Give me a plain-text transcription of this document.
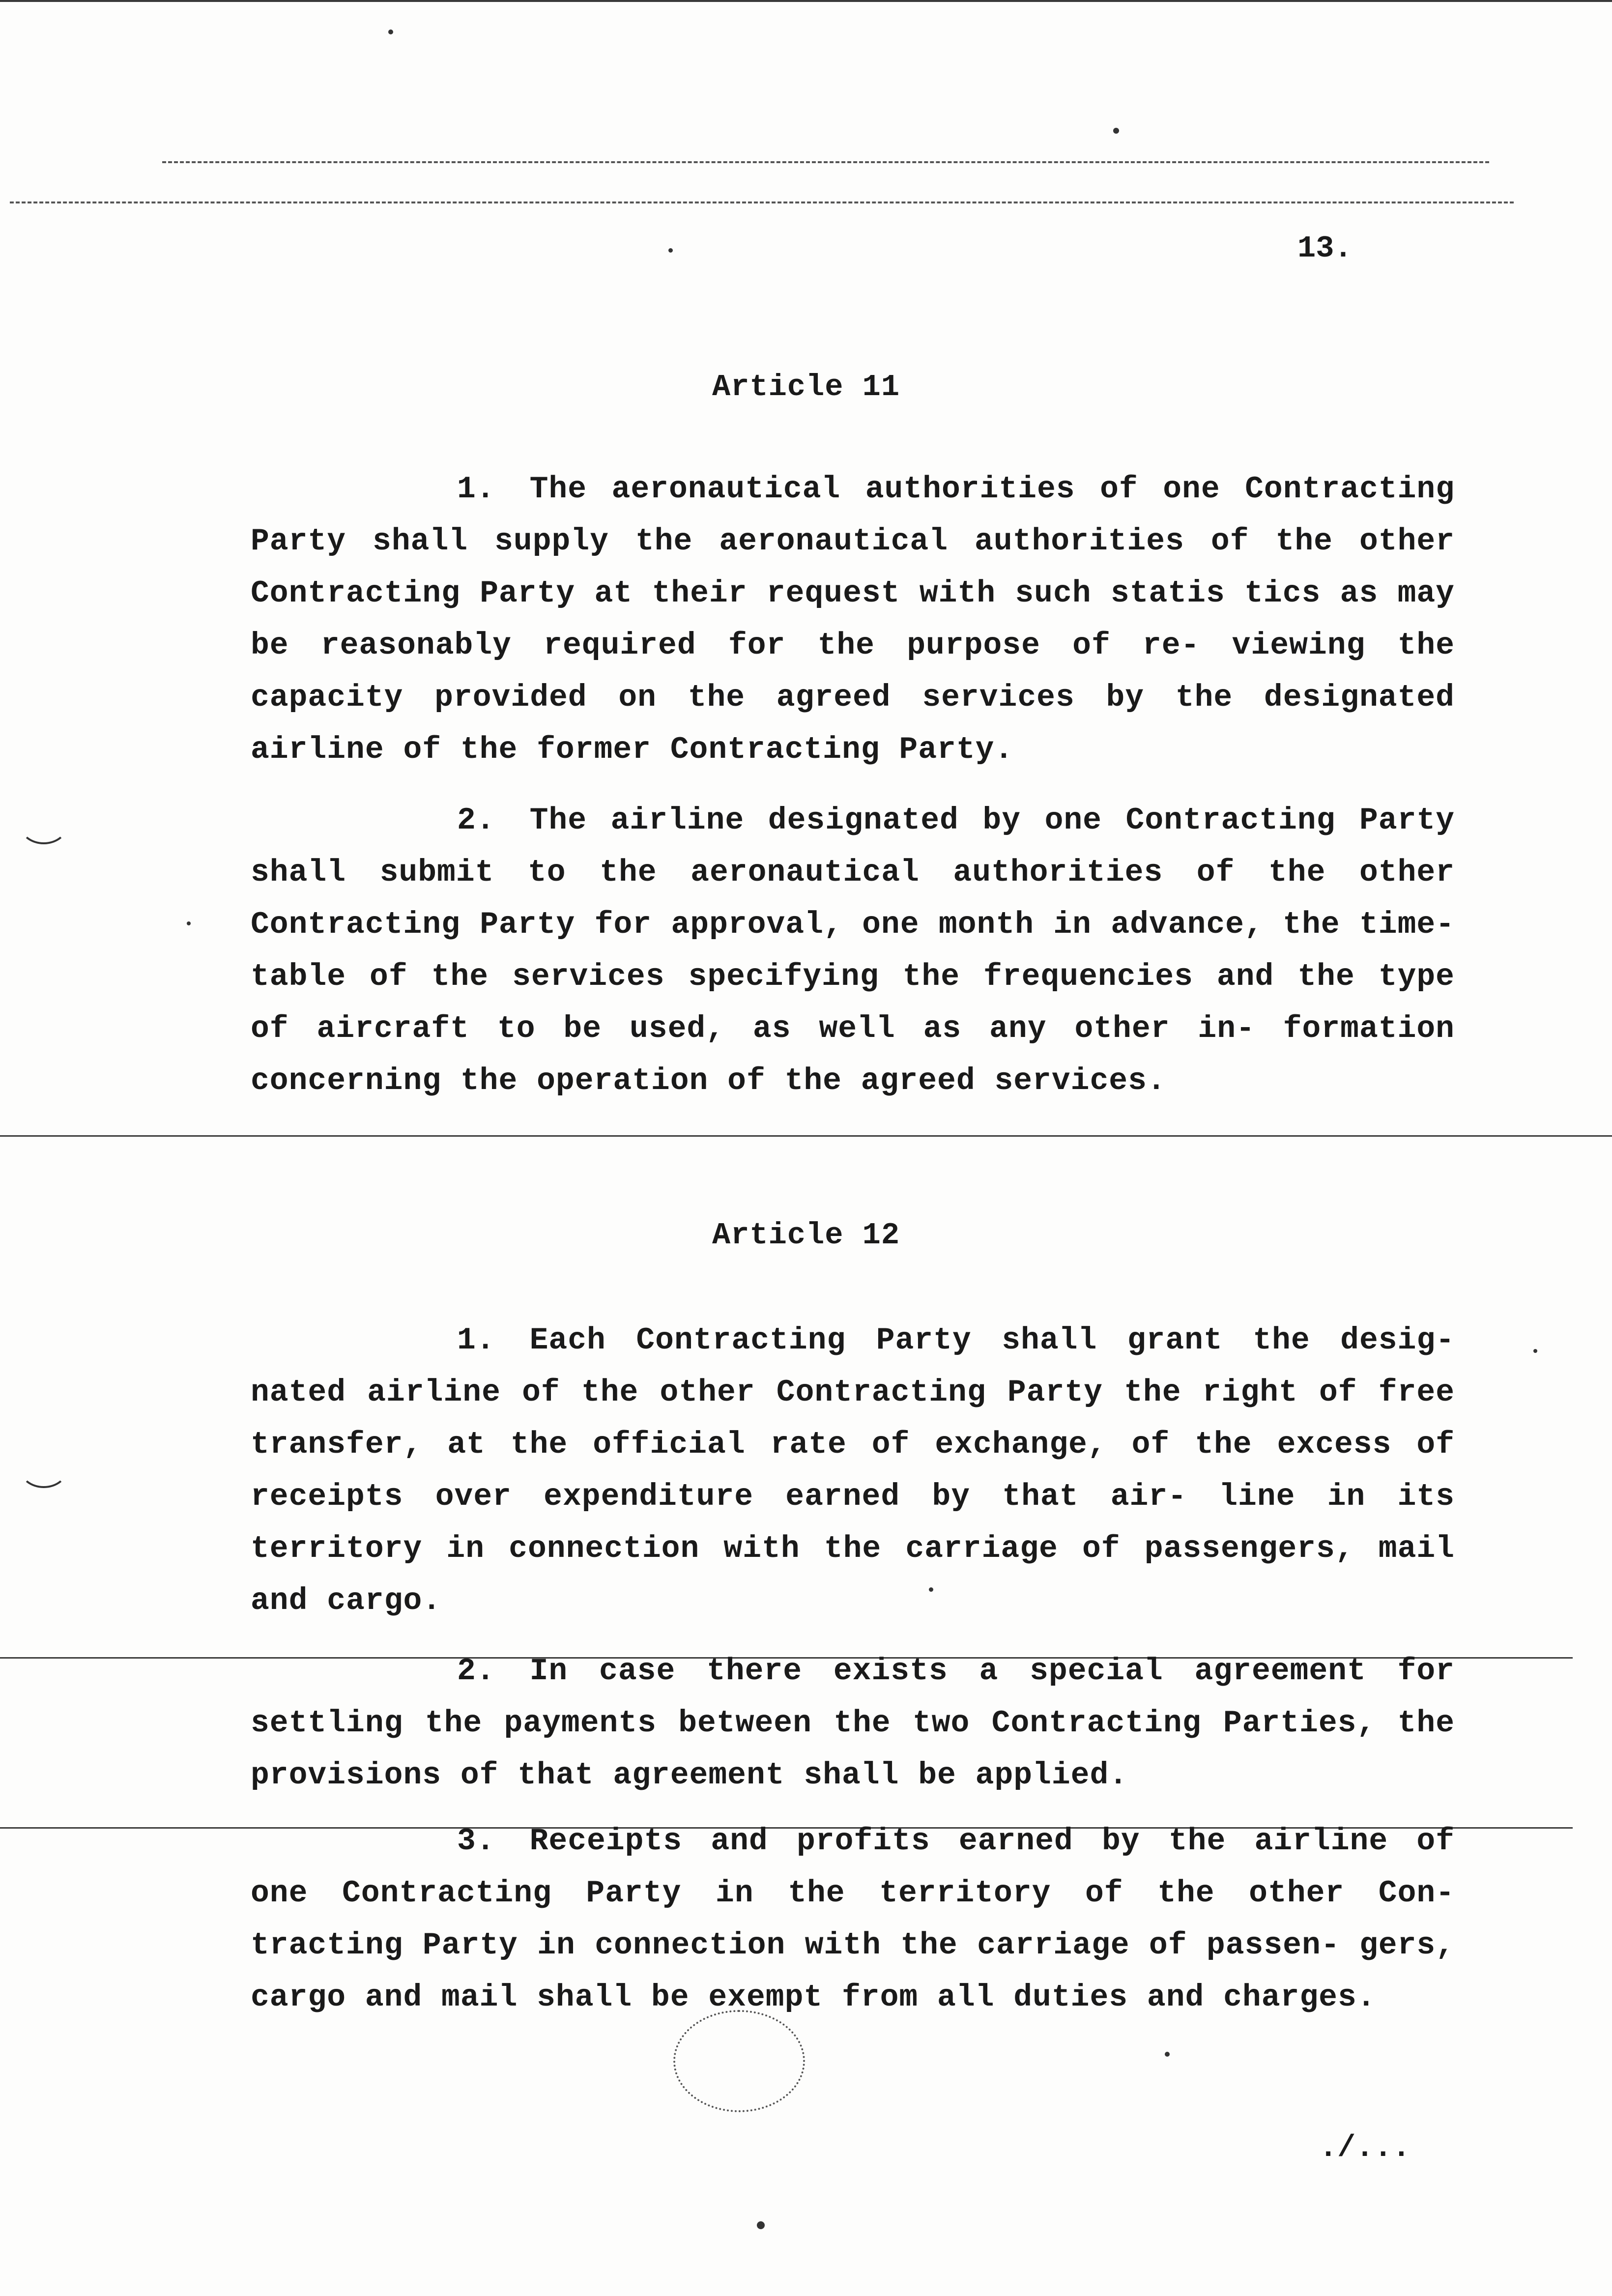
13.
Article 11
1. The aeronautical authorities of one Contracting Party shall supply the aeronautical authorities of the other Contracting Party at their request with such statis tics as may be reasonably required for the purpose of re- viewing the capacity provided on the agreed services by the designated airline of the former Contracting Party.
2. The airline designated by one Contracting Party shall submit to the aeronautical authorities of the other Contracting Party for approval, one month in advance, the time-table of the services specifying the frequencies and the type of aircraft to be used, as well as any other in- formation concerning the operation of the agreed services.
Article 12
1. Each Contracting Party shall grant the desig- nated airline of the other Contracting Party the right of free transfer, at the official rate of exchange, of the excess of receipts over expenditure earned by that air- line in its territory in connection with the carriage of passengers, mail and cargo.
2. In case there exists a special agreement for settling the payments between the two Contracting Parties, the provisions of that agreement shall be applied.
3. Receipts and profits earned by the airline of one Contracting Party in the territory of the other Con- tracting Party in connection with the carriage of passen- gers, cargo and mail shall be exempt from all duties and charges.
./...
